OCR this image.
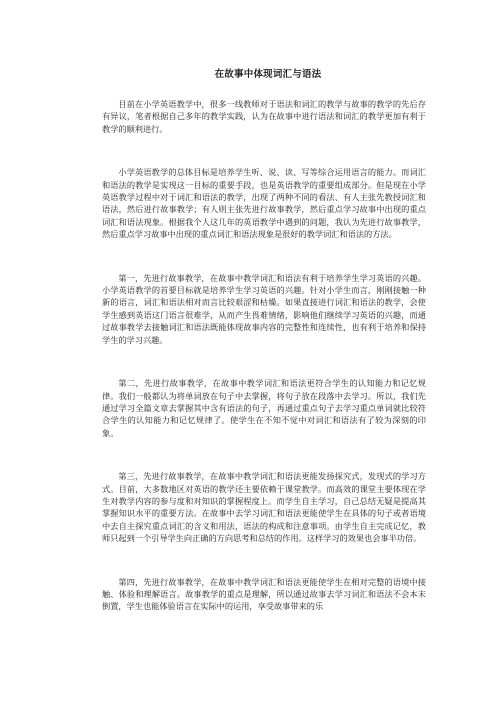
在故事中体现词汇与语法

目前在小学英语教学中，很多一线教师对于语法和词汇的教学与故事的教学的先后存有异议，笔者根据自己多年的教学实践，认为在故事中进行语法和词汇的教学更加有利于教学的顺利进行。

小学英语教学的总体目标是培养学生听、说、读、写等综合运用语言的能力。而词汇和语法的教学是实现这一目标的重要手段，也是英语教学的重要组成部分。但是现在小学英语教学过程中对于词汇和语法的教学，出现了两种不同的看法、有人主张先教授词汇和语法，然后进行故事教学；有人则主张先进行故事教学，然后重点学习故事中出现的重点词汇和语法现象。根据我个人这几年的英语教学中遇到的问题，我认为先进行故事教学，然后重点学习故事中出现的重点词汇和语法现象是很好的教学词汇和语法的方法。

第一，先进行故事教学，在故事中教学词汇和语法有利于培养学生学习英语的兴趣。小学英语教学的首要目标就是培养学生学习英语的兴趣。针对小学生而言，刚刚接触一种新的语言，词汇和语法相对而言比较艰涩和枯燥。如果直接进行词汇和语法的教学，会使学生感到英语这门语言很难学，从而产生畏难情绪，影响他们继续学习英语的兴趣，而通过故事教学去接触词汇和语法既能体现故事内容的完整性和连续性，也有利于培养和保持学生的学习兴趣。

第二，先进行故事教学，在故事中教学词汇和语法更符合学生的认知能力和记忆规律。我们一般都认为将单词放在句子中去掌握，将句子放在段落中去学习。所以，我们先通过学习全篇文章去掌握其中含有语法的句子，再通过重点句子去学习重点单词就比较符合学生的认知能力和记忆规律了。使学生在不知不觉中对词汇和语法有了较为深刻的印象。

第三，先进行故事教学，在故事中教学词汇和语法更能发扬探究式，发现式的学习方式。目前，大多数地区对英语的教学还主要依赖于课堂教学。而高效的课堂主要体现在学生对教学内容的参与度和对知识的掌握程度上。而学生自主学习，自己总结无疑是提高其掌握知识水平的重要方法。在故事中去学习词汇和语法更能使学生在具体的句子或者语境中去自主探究重点词汇的含义和用法，语法的构成和注意事项。由学生自主完成记忆，教师只起到一个引导学生向正确的方向思考和总结的作用。这样学习的效果也会事半功倍。

第四，先进行故事教学，在故事中教学词汇和语法更能使学生在相对完整的语境中接触、体验和理解语言。故事教学的重点是理解，所以通过故事去学习词汇和语法不会本末倒置，学生也能体验语言在实际中的运用，享受故事带来的乐
